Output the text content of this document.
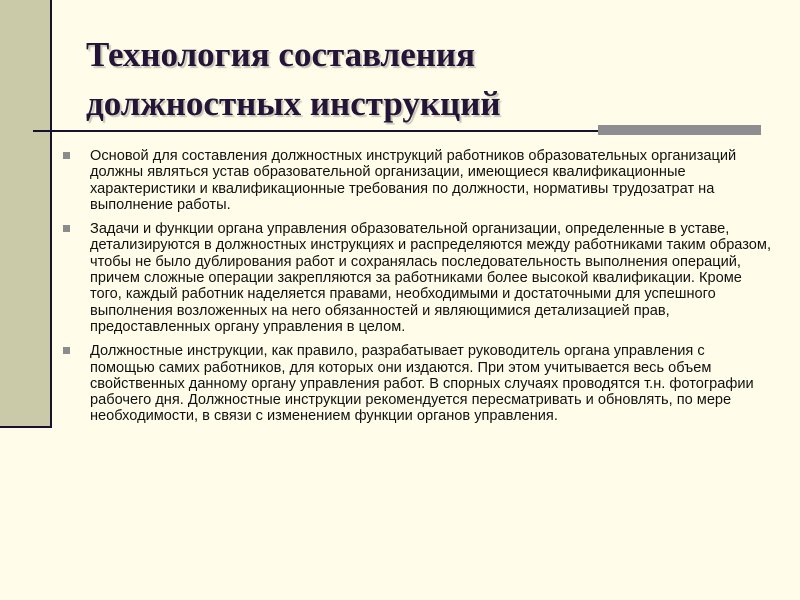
Технология составления
должностных инструкций
Основой для составления должностных инструкций работников образовательных организаций должны являться устав образовательной организации, имеющиеся квалификационные характеристики и квалификационные требования по должности, нормативы трудозатрат на выполнение работы.
Задачи и функции органа управления образовательной организации, определенные в уставе, детализируются в должностных инструкциях и распределяются между работниками таким образом, чтобы не было дублирования работ и сохранялась последовательность выполнения операций, причем сложные операции закрепляются за работниками более высокой квалификации. Кроме того, каждый работник наделяется правами, необходимыми и достаточными для успешного выполнения возложенных на него обязанностей и являющимися детализацией прав, предоставленных органу управления в целом.
Должностные инструкции, как правило, разрабатывает руководитель органа управления с помощью самих работников, для которых они издаются. При этом учитывается весь объем свойственных данному органу управления работ. В спорных случаях проводятся т.н. фотографии рабочего дня. Должностные инструкции рекомендуется пересматривать и обновлять, по мере необходимости, в связи с изменением функции органов управления.
